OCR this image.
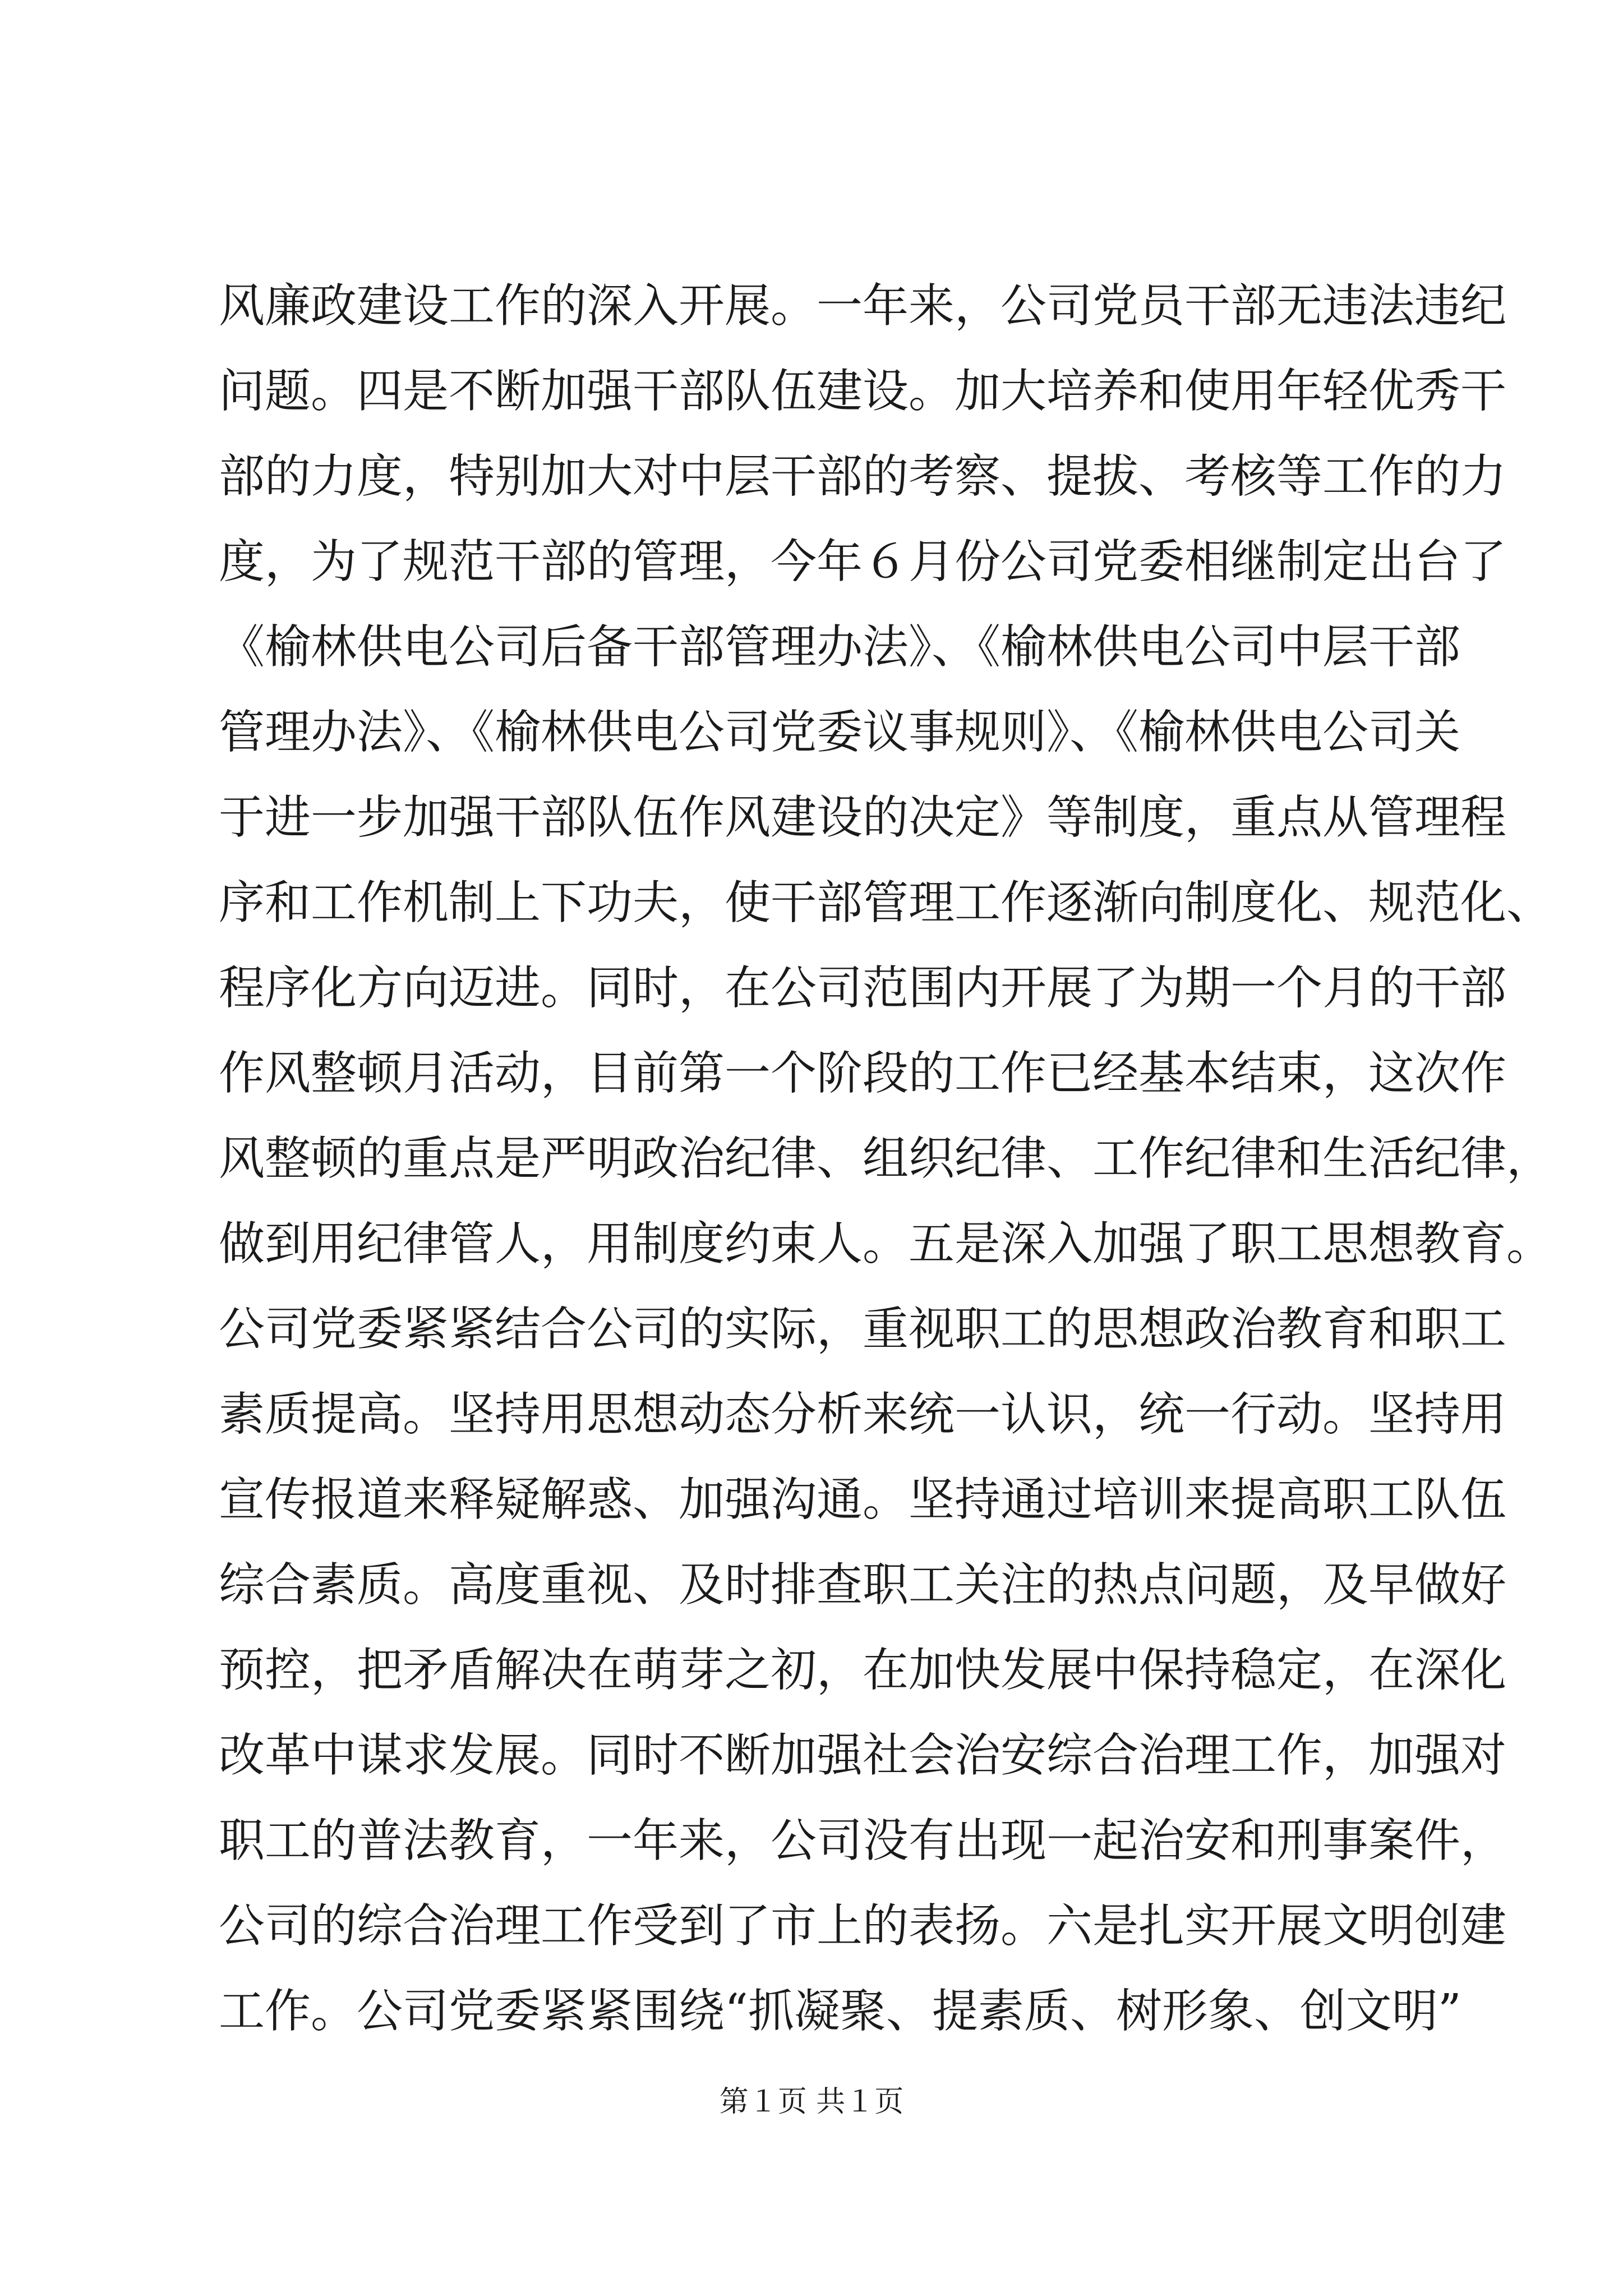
风廉政建设工作的深入开展。一年来，公司党员干部无违法违纪
问题。四是不断加强干部队伍建设。加大培养和使用年轻优秀干
部的力度，特别加大对中层干部的考察、提拔、考核等工作的力
度，为了规范干部的管理，今年６月份公司党委相继制定出台了
《榆林供电公司后备干部管理办法》、《榆林供电公司中层干部
管理办法》、《榆林供电公司党委议事规则》、《榆林供电公司关
于进一步加强干部队伍作风建设的决定》等制度，重点从管理程
序和工作机制上下功夫，使干部管理工作逐渐向制度化、规范化、
程序化方向迈进。同时，在公司范围内开展了为期一个月的干部
作风整顿月活动，目前第一个阶段的工作已经基本结束，这次作
风整顿的重点是严明政治纪律、组织纪律、工作纪律和生活纪律，
做到用纪律管人，用制度约束人。五是深入加强了职工思想教育。
公司党委紧紧结合公司的实际，重视职工的思想政治教育和职工
素质提高。坚持用思想动态分析来统一认识，统一行动。坚持用
宣传报道来释疑解惑、加强沟通。坚持通过培训来提高职工队伍
综合素质。高度重视、及时排查职工关注的热点问题，及早做好
预控，把矛盾解决在萌芽之初，在加快发展中保持稳定，在深化
改革中谋求发展。同时不断加强社会治安综合治理工作，加强对
职工的普法教育，一年来，公司没有出现一起治安和刑事案件，
公司的综合治理工作受到了市上的表扬。六是扎实开展文明创建
工作。公司党委紧紧围绕“抓凝聚、提素质、树形象、创文明”
第１页 共１页
